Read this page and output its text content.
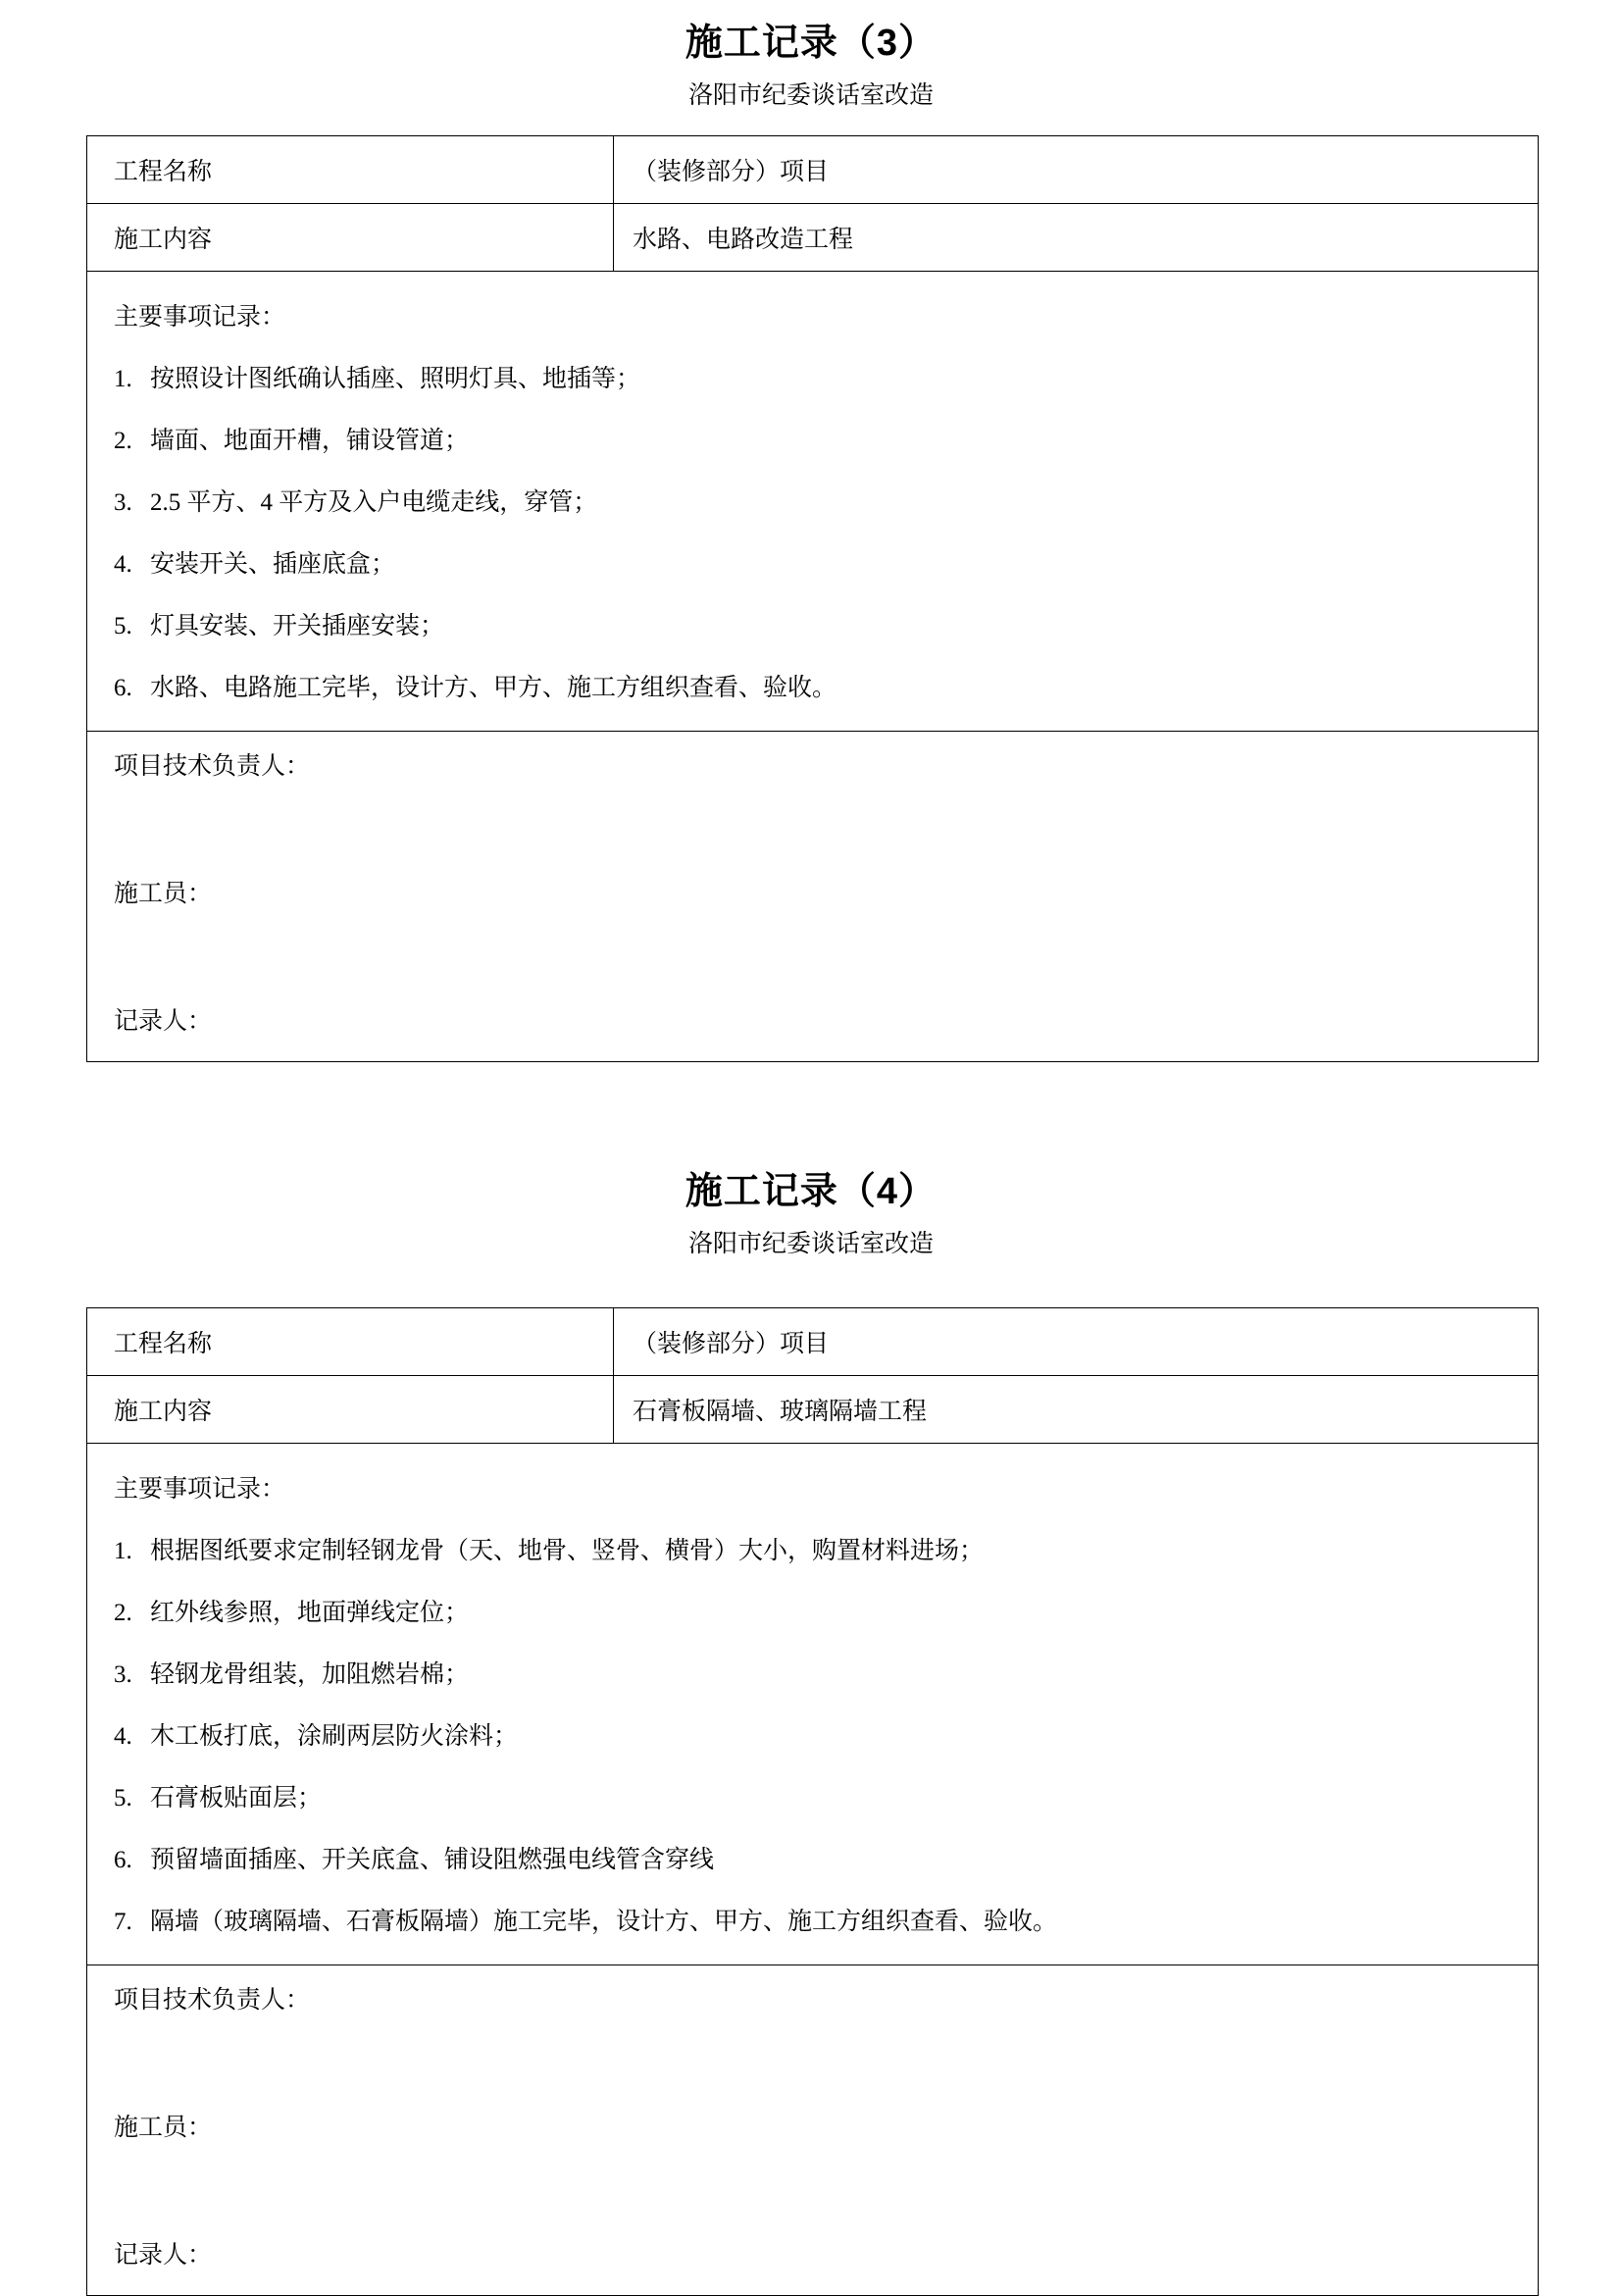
施工记录（3）
洛阳市纪委谈话室改造
工程名称	（装修部分）项目
施工内容	水路、电路改造工程

主要事项记录：
1. 按照设计图纸确认插座、照明灯具、地插等；
2. 墙面、地面开槽，铺设管道；
3. 2.5 平方、4 平方及入户电缆走线，穿管；
4. 安装开关、插座底盒；
5. 灯具安装、开关插座安装；
6. 水路、电路施工完毕，设计方、甲方、施工方组织查看、验收。

项目技术负责人：
施工员：
记录人：	
施工记录（4）
洛阳市纪委谈话室改造
工程名称	（装修部分）项目
施工内容	石膏板隔墙、玻璃隔墙工程

主要事项记录：
1. 根据图纸要求定制轻钢龙骨（天、地骨、竖骨、横骨）大小，购置材料进场；
2. 红外线参照，地面弹线定位；
3. 轻钢龙骨组装，加阻燃岩棉；
4. 木工板打底，涂刷两层防火涂料；
5. 石膏板贴面层；
6. 预留墙面插座、开关底盒、铺设阻燃强电线管含穿线
7. 隔墙（玻璃隔墙、石膏板隔墙）施工完毕，设计方、甲方、施工方组织查看、验收。

项目技术负责人：
施工员：
记录人：	
